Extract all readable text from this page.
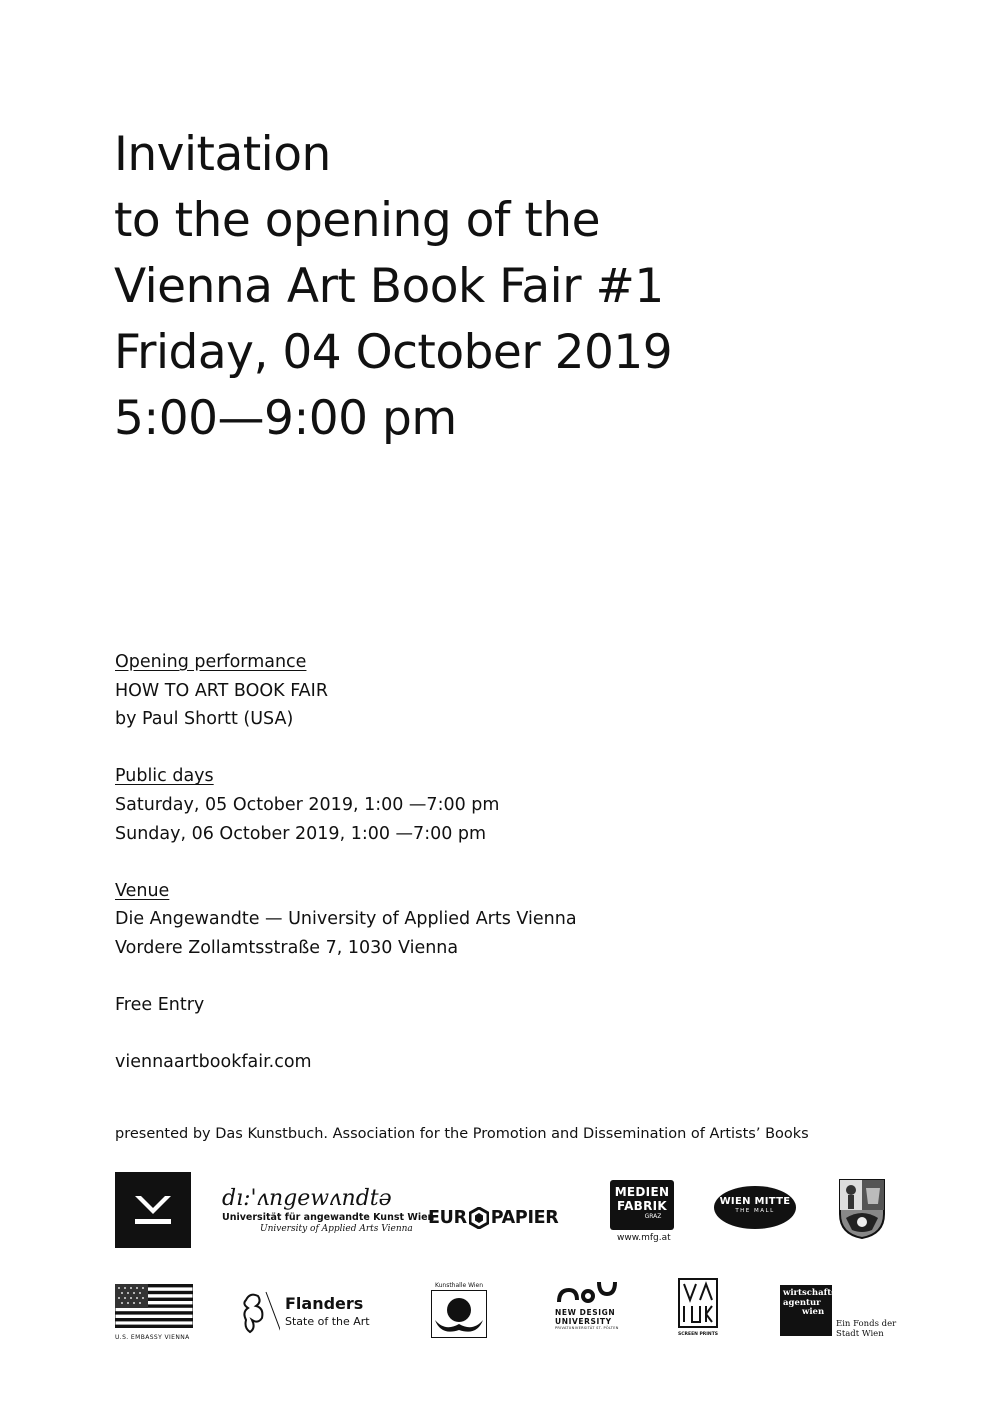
Invitation
to the opening of the
Vienna Art Book Fair #1
Friday, 04 October 2019
5:00—9:00 pm
Opening performance
HOW TO ART BOOK FAIR
by Paul Shortt (USA)
Public days
Saturday, 05 October 2019, 1:00 —7:00 pm
Sunday, 06 October 2019, 1:00 —7:00 pm
Venue
Die Angewandte — University of Applied Arts Vienna
Vordere Zollamtsstraße 7, 1030 Vienna
Free Entry
viennaartbookfair.com
presented by Das Kunstbuch. Association for the Promotion and Dissemination of Artists’ Books
dı:'ʌngewʌndtə
Universität für angewandte Kunst Wien
University of Applied Arts Vienna
EUR PAPIER
MEDIEN
FABRIK
GRAZ
www.mfg.at
WIEN MITTE
THE MALL
U.S. EMBASSY VIENNA
Flanders
State of the Art
Kunsthalle Wien
NEW DESIGN
UNIVERSITY
PRIVATUNIVERSITÄT ST. PÖLTEN
SCREEN PRINTS
wirtschafts
agentur
wien
Ein Fonds der
Stadt Wien
